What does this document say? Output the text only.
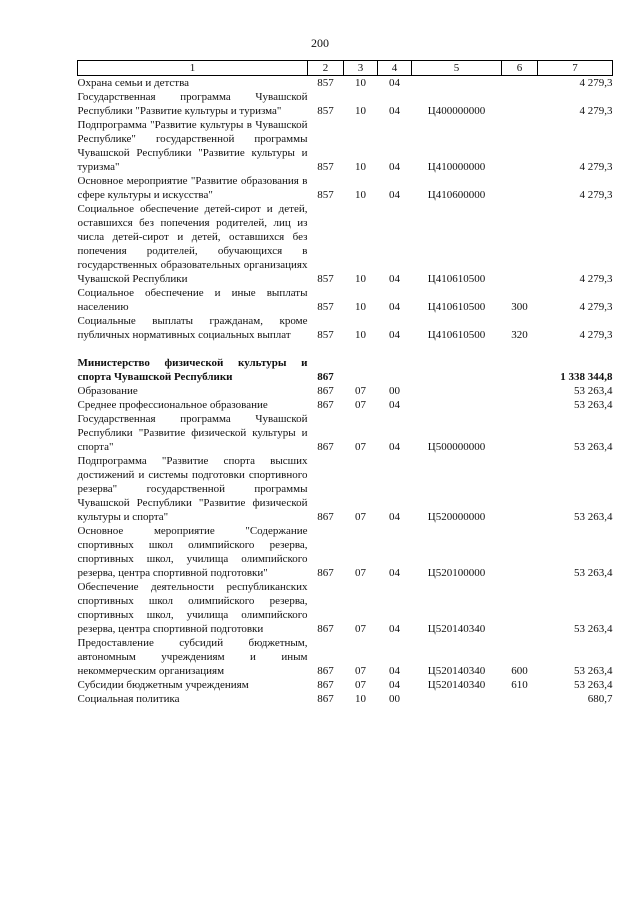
200
1	2	3	4	5	6	7
Охрана семьи и детства	857	10	04			4 279,3
Государственная программа Чувашской Республики "Развитие культуры и туризма"	857	10	04	Ц400000000		4 279,3
Подпрограмма "Развитие культуры в Чувашской Республике" государственной программы Чувашской Республики "Развитие культуры и туризма"	857	10	04	Ц410000000		4 279,3
Основное мероприятие "Развитие образования в сфере культуры и искусства"	857	10	04	Ц410600000		4 279,3
Социальное обеспечение детей-сирот и детей, оставшихся без попечения родителей, лиц из числа детей-сирот и детей, оставшихся без попечения родителей, обучающихся в государственных образовательных организациях Чувашской Республики	857	10	04	Ц410610500		4 279,3
Социальное обеспечение и иные выплаты населению	857	10	04	Ц410610500	300	4 279,3
Социальные выплаты гражданам, кроме публичных нормативных социальных выплат	857	10	04	Ц410610500	320	4 279,3

Министерство физической культуры и спорта Чувашской Республики	867					1 338 344,8
Образование	867	07	00			53 263,4
Среднее профессиональное образование	867	07	04			53 263,4
Государственная программа Чувашской Республики "Развитие физической культуры и спорта"	867	07	04	Ц500000000		53 263,4
Подпрограмма "Развитие спорта высших достижений и системы подготовки спортивного резерва" государственной программы Чувашской Республики "Развитие физической культуры и спорта"	867	07	04	Ц520000000		53 263,4
Основное мероприятие "Содержание спортивных школ олимпийского резерва, спортивных школ, училища олимпийского резерва, центра спортивной подготовки"	867	07	04	Ц520100000		53 263,4
Обеспечение деятельности республиканских спортивных школ олимпийского резерва, спортивных школ, училища олимпийского резерва, центра спортивной подготовки	867	07	04	Ц520140340		53 263,4
Предоставление субсидий бюджетным, автономным учреждениям и иным некоммерческим организациям	867	07	04	Ц520140340	600	53 263,4
Субсидии бюджетным учреждениям	867	07	04	Ц520140340	610	53 263,4
Социальная политика	867	10	00			680,7
